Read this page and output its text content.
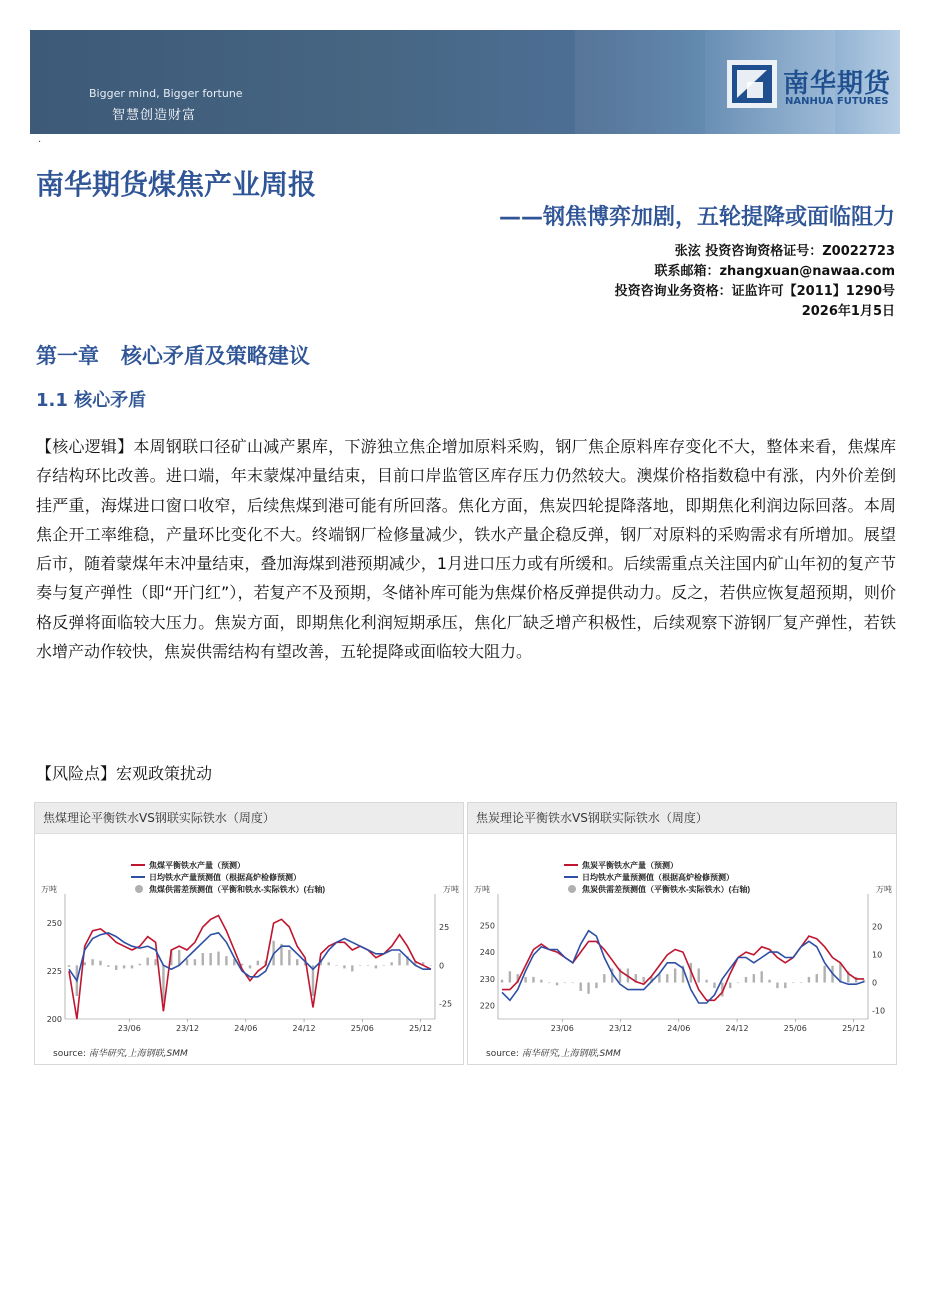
Bigger mind, Bigger fortune
智慧创造财富
南华期货
NANHUA FUTURES
·
南华期货煤焦产业周报
——钢焦博弈加剧，五轮提降或面临阻力
张泫 投资咨询资格证号：Z0022723
联系邮箱：zhangxuan@nawaa.com
投资咨询业务资格：证监许可【2011】1290号
2026年1月5日
第一章   核心矛盾及策略建议
1.1 核心矛盾
【核心逻辑】本周钢联口径矿山减产累库，下游独立焦企增加原料采购，钢厂焦企原料库存变化不大，整体来看，焦煤库存结构环比改善。进口端，年末蒙煤冲量结束，目前口岸监管区库存压力仍然较大。澳煤价格指数稳中有涨，内外价差倒挂严重，海煤进口窗口收窄，后续焦煤到港可能有所回落。焦化方面，焦炭四轮提降落地，即期焦化利润边际回落。本周焦企开工率维稳，产量环比变化不大。终端钢厂检修量减少，铁水产量企稳反弹，钢厂对原料的采购需求有所增加。展望后市，随着蒙煤年末冲量结束，叠加海煤到港预期减少，1月进口压力或有所缓和。后续需重点关注国内矿山年初的复产节奏与复产弹性（即“开门红”），若复产不及预期，冬储补库可能为焦煤价格反弹提供动力。反之，若供应恢复超预期，则价格反弹将面临较大压力。焦炭方面，即期焦化利润短期承压，焦化厂缺乏增产积极性，后续观察下游钢厂复产弹性，若铁水增产动作较快，焦炭供需结构有望改善，五轮提降或面临较大阻力。
【风险点】宏观政策扰动
焦煤理论平衡铁水VS钢联实际铁水（周度）
焦煤平衡铁水产量（预测）
日均铁水产量预测值（根据高炉检修预测）
焦煤供需差预测值（平衡和铁水-实际铁水）(右轴)
万吨	万吨
250
225
200
25
0
-25
23/06	23/12	24/06	24/12	25/06	25/12
source: 南华研究,上海钢联,SMM
焦炭理论平衡铁水VS钢联实际铁水（周度）
焦炭平衡铁水产量（预测）
日均铁水产量预测值（根据高炉检修预测）
焦炭供需差预测值（平衡铁水-实际铁水）(右轴)
万吨	万吨
250
240
230
220
20
10
0
-10
23/06	23/12	24/06	24/12	25/06	25/12
source: 南华研究,上海钢联,SMM
